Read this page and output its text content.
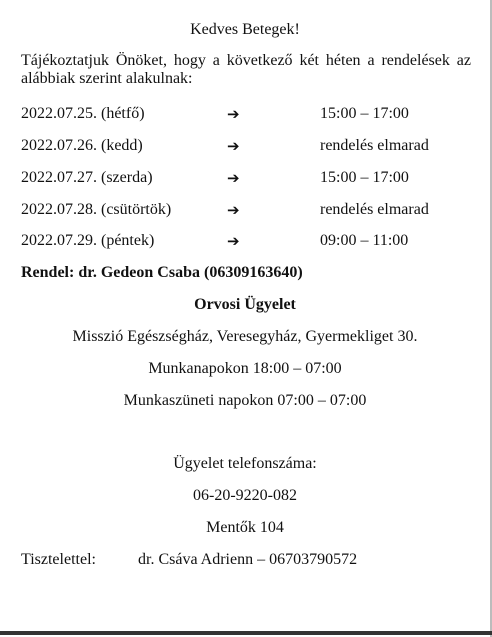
Kedves Betegek!
Tájékoztatjuk Önöket, hogy a következő két héten a rendelések az alábbiak szerint alakulnak:
2022.07.25. (hétfő)	➔	15:00 – 17:00
2022.07.26. (kedd)	➔	rendelés elmarad
2022.07.27. (szerda)	➔	15:00 – 17:00
2022.07.28. (csütörtök)	➔	rendelés elmarad
2022.07.29. (péntek)	➔	09:00 – 11:00
Rendel: dr. Gedeon Csaba (06309163640)
Orvosi Ügyelet
Misszió Egészségház, Veresegyház, Gyermekliget 30.
Munkanapokon 18:00 – 07:00
Munkaszüneti napokon 07:00 – 07:00
Ügyelet telefonszáma:
06-20-9220-082
Mentők 104
Tisztelettel:	dr. Csáva Adrienn – 06703790572
